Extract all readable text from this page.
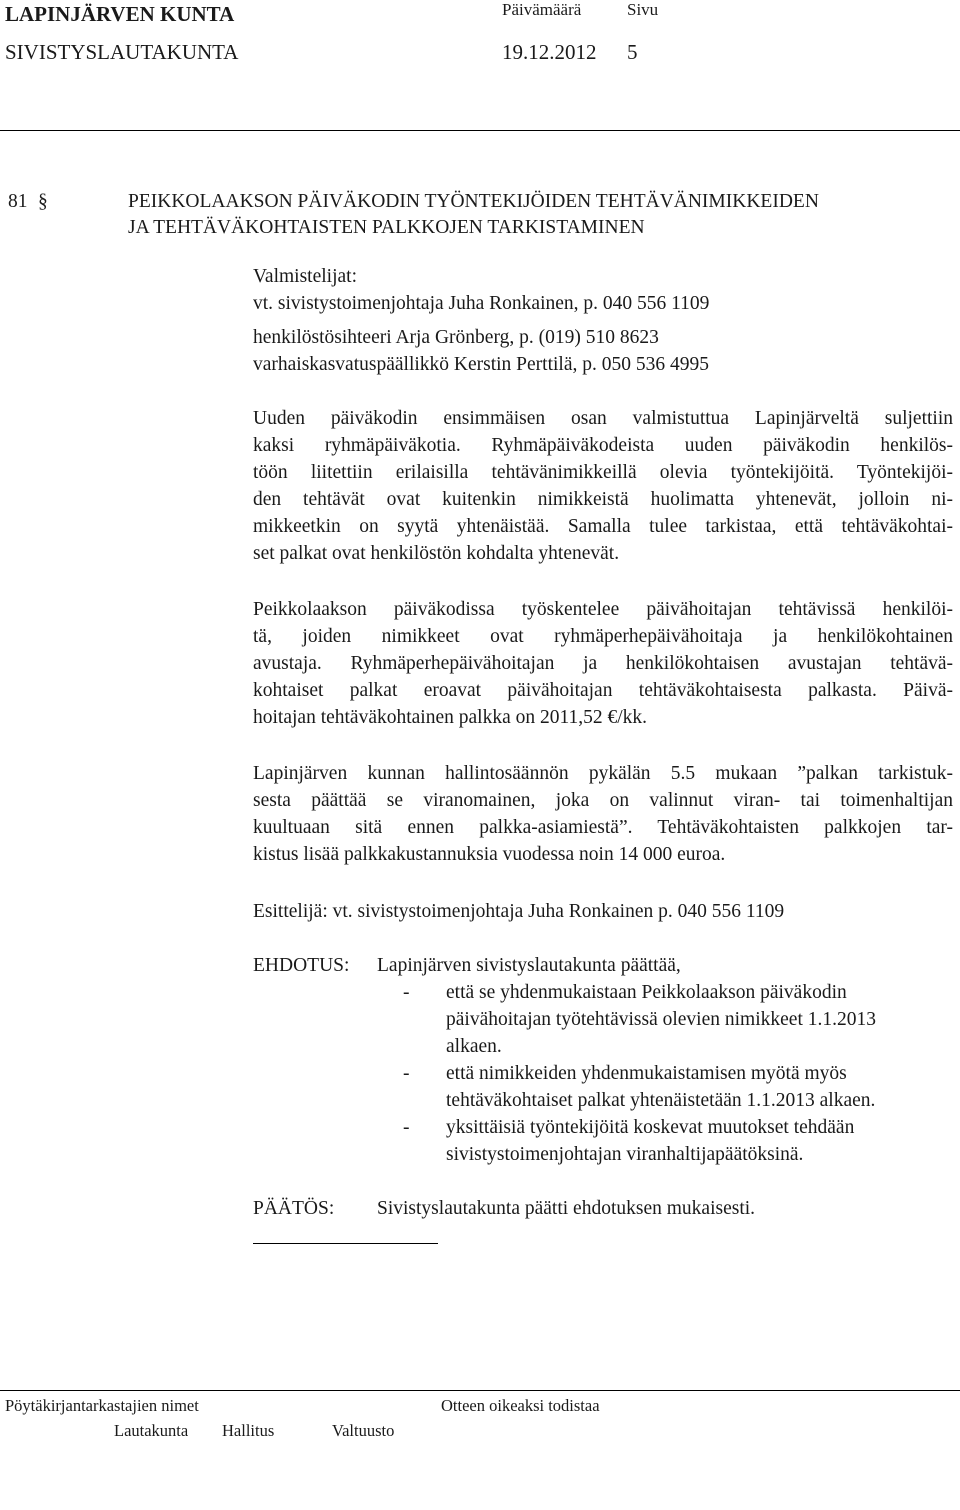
LAPINJÄRVEN KUNTA
SIVISTYSLAUTAKUNTA
Päivämäärä	Sivu
19.12.2012 5
81 §	PEIKKOLAAKSON PÄIVÄKODIN TYÖNTEKIJÖIDEN TEHTÄVÄNIMIKKEIDEN
JA TEHTÄVÄKOHTAISTEN PALKKOJEN TARKISTAMINEN
Valmistelijat:
vt. sivistystoimenjohtaja Juha Ronkainen, p. 040 556 1109
henkilöstösihteeri Arja Grönberg, p. (019) 510 8623
varhaiskasvatuspäällikkö Kerstin Perttilä, p. 050 536 4995
Uuden päiväkodin ensimmäisen osan valmistuttua Lapinjärveltä suljettiin
kaksi ryhmäpäiväkotia. Ryhmäpäiväkodeista uuden päiväkodin henkilös-
töön liitettiin erilaisilla tehtävänimikkeillä olevia työntekijöitä. Työntekijöi-
den tehtävät ovat kuitenkin nimikkeistä huolimatta yhtenevät, jolloin ni-
mikkeetkin on syytä yhtenäistää. Samalla tulee tarkistaa, että tehtäväkohtai-
set palkat ovat henkilöstön kohdalta yhtenevät.
Peikkolaakson päiväkodissa työskentelee päivähoitajan tehtävissä henkilöi-
tä, joiden nimikkeet ovat ryhmäperhepäivähoitaja ja henkilökohtainen
avustaja. Ryhmäperhepäivähoitajan ja henkilökohtaisen avustajan tehtävä-
kohtaiset palkat eroavat päivähoitajan tehtäväkohtaisesta palkasta. Päivä-
hoitajan tehtäväkohtainen palkka on 2011,52 €/kk.
Lapinjärven kunnan hallintosäännön pykälän 5.5 mukaan ”palkan tarkistuk-
sesta päättää se viranomainen, joka on valinnut viran- tai toimenhaltijan
kuultuaan sitä ennen palkka-asiamiestä”. Tehtäväkohtaisten palkkojen tar-
kistus lisää palkkakustannuksia vuodessa noin 14 000 euroa.
Esittelijä: vt. sivistystoimenjohtaja Juha Ronkainen p. 040 556 1109
EHDOTUS: Lapinjärven sivistyslautakunta päättää,
- että se yhdenmukaistaan Peikkolaakson päiväkodin
päivähoitajan työtehtävissä olevien nimikkeet 1.1.2013
alkaen.
- että nimikkeiden yhdenmukaistamisen myötä myös
tehtäväkohtaiset palkat yhtenäistetään 1.1.2013 alkaen.
- yksittäisiä työntekijöitä koskevat muutokset tehdään
sivistystoimenjohtajan viranhaltijapäätöksinä.
PÄÄTÖS: Sivistyslautakunta päätti ehdotuksen mukaisesti.
Pöytäkirjantarkastajien nimet	Otteen oikeaksi todistaa
Lautakunta Hallitus	Valtuusto
